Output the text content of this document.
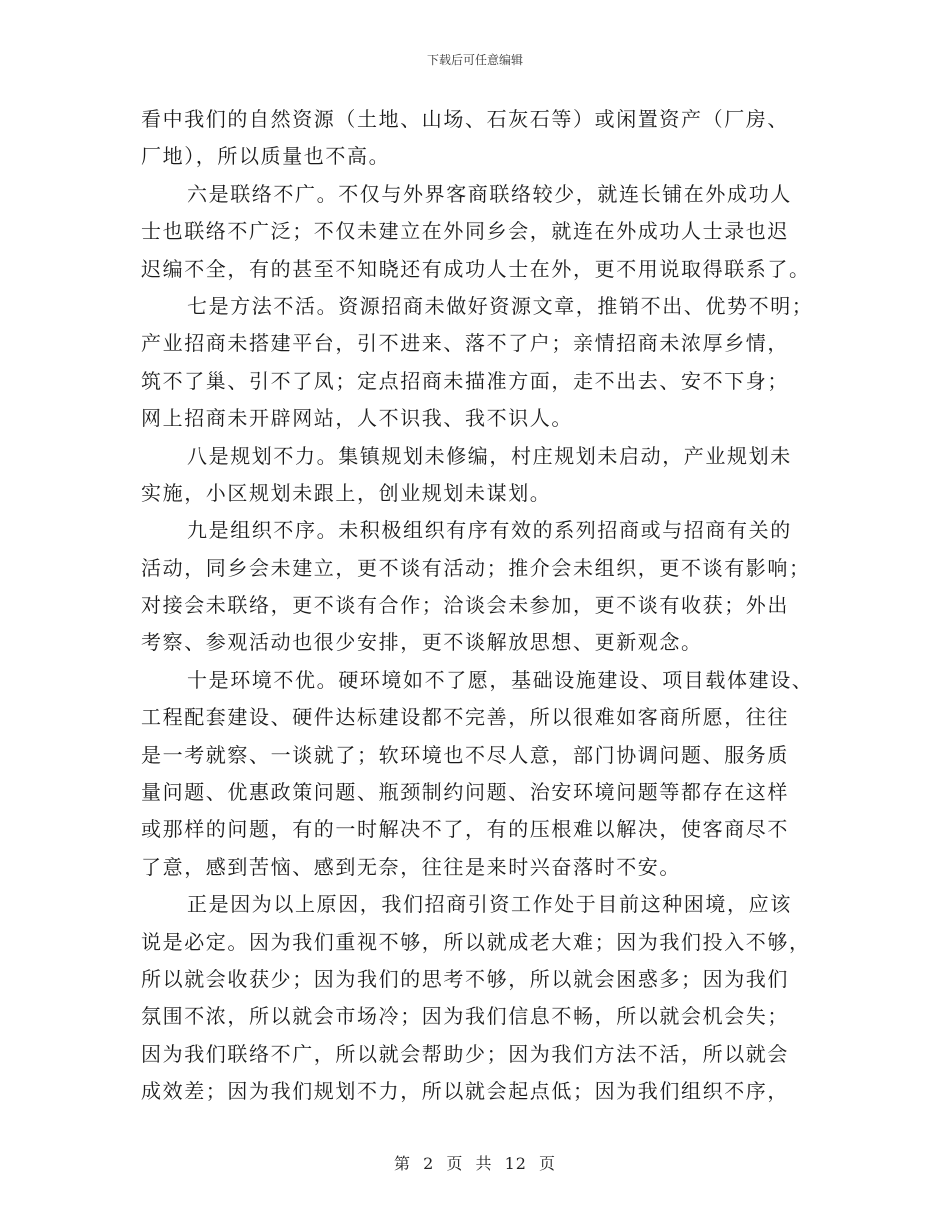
下载后可任意编辑
看中我们的自然资源（土地、山场、石灰石等）或闲置资产（厂房、
厂地），所以质量也不高。
六是联络不广。不仅与外界客商联络较少，就连长铺在外成功人
士也联络不广泛；不仅未建立在外同乡会，就连在外成功人士录也迟
迟编不全，有的甚至不知晓还有成功人士在外，更不用说取得联系了。
七是方法不活。资源招商未做好资源文章，推销不出、优势不明；
产业招商未搭建平台，引不进来、落不了户；亲情招商未浓厚乡情，
筑不了巢、引不了凤；定点招商未描准方面，走不出去、安不下身；
网上招商未开辟网站，人不识我、我不识人。
八是规划不力。集镇规划未修编，村庄规划未启动，产业规划未
实施，小区规划未跟上，创业规划未谋划。
九是组织不序。未积极组织有序有效的系列招商或与招商有关的
活动，同乡会未建立，更不谈有活动；推介会未组织，更不谈有影响；
对接会未联络，更不谈有合作；洽谈会未参加，更不谈有收获；外出
考察、参观活动也很少安排，更不谈解放思想、更新观念。
十是环境不优。硬环境如不了愿，基础设施建设、项目载体建设、
工程配套建设、硬件达标建设都不完善，所以很难如客商所愿，往往
是一考就察、一谈就了；软环境也不尽人意，部门协调问题、服务质
量问题、优惠政策问题、瓶颈制约问题、治安环境问题等都存在这样
或那样的问题，有的一时解决不了，有的压根难以解决，使客商尽不
了意，感到苦恼、感到无奈，往往是来时兴奋落时不安。
正是因为以上原因，我们招商引资工作处于目前这种困境，应该
说是必定。因为我们重视不够，所以就成老大难；因为我们投入不够，
所以就会收获少；因为我们的思考不够，所以就会困惑多；因为我们
氛围不浓，所以就会市场冷；因为我们信息不畅，所以就会机会失；
因为我们联络不广，所以就会帮助少；因为我们方法不活，所以就会
成效差；因为我们规划不力，所以就会起点低；因为我们组织不序，
第 2 页 共 12 页
